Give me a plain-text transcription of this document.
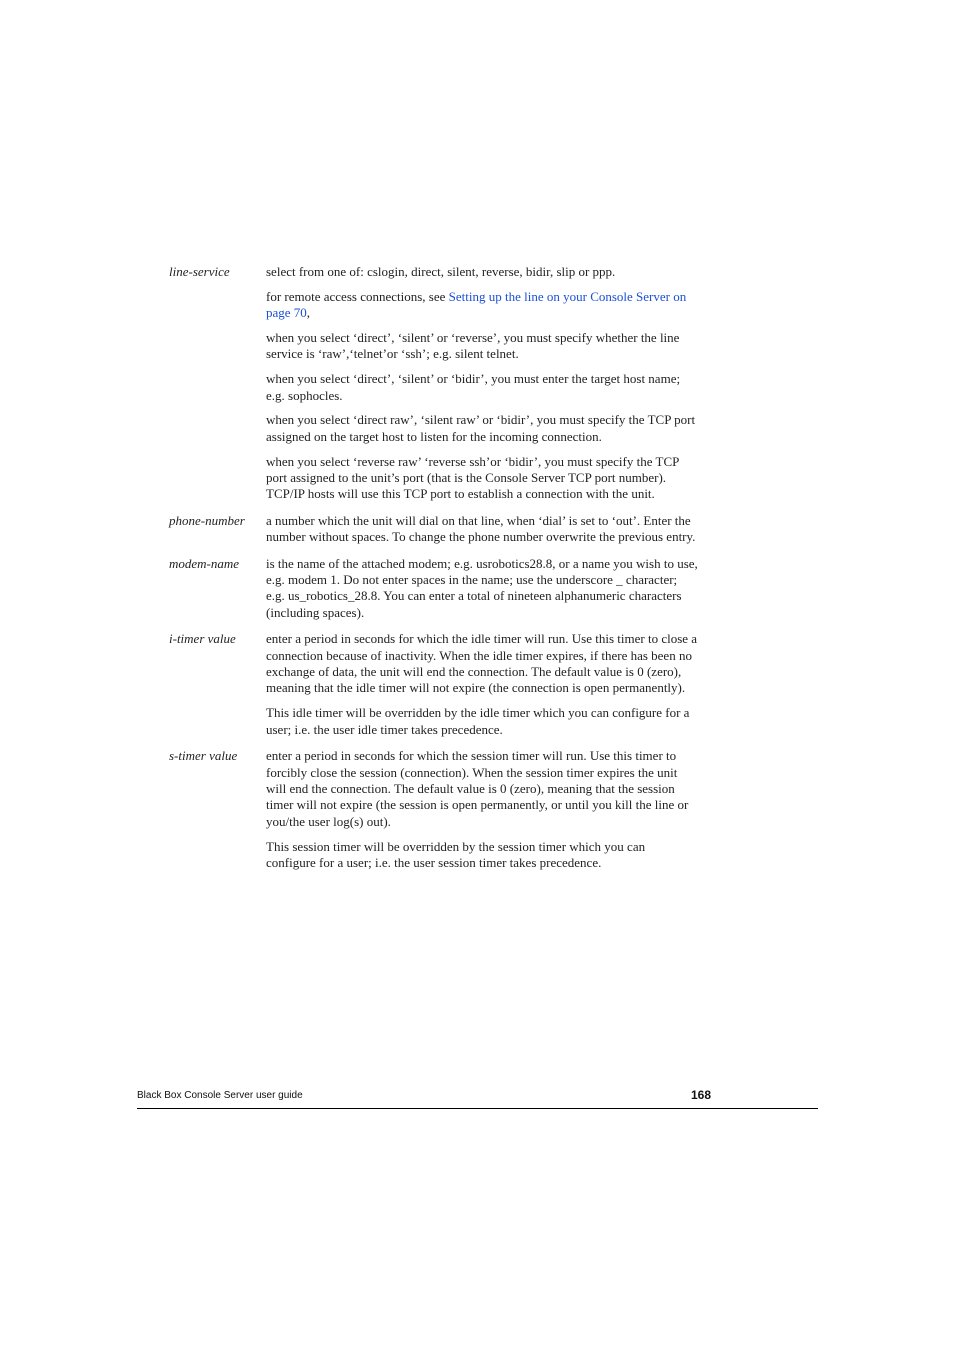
line-service	select from one of: cslogin, direct, silent, reverse, bidir, slip or ppp.

for remote access connections, see Setting up the line on your Console Server on page 70,

when you select ‘direct’, ‘silent’ or ‘reverse’, you must specify whether the line service is ‘raw’,‘telnet’or ‘ssh’; e.g. silent telnet.

when you select ‘direct’, ‘silent’ or ‘bidir’, you must enter the target host name; e.g. sophocles.

when you select ‘direct raw’, ‘silent raw’ or ‘bidir’, you must specify the TCP port assigned on the target host to listen for the incoming connection.

when you select ‘reverse raw’ ‘reverse ssh’or ‘bidir’, you must specify the TCP port assigned to the unit’s port (that is the Console Server TCP port number). TCP/IP hosts will use this TCP port to establish a connection with the unit.

phone-number a number which the unit will dial on that line, when ‘dial’ is set to ‘out’. Enter the number without spaces. To change the phone number overwrite the previous entry.

modem-name is the name of the attached modem; e.g. usrobotics28.8, or a name you wish to use, e.g. modem 1. Do not enter spaces in the name; use the underscore _ character; e.g. us_robotics_28.8. You can enter a total of nineteen alphanumeric characters (including spaces).

i-timer value enter a period in seconds for which the idle timer will run. Use this timer to close a connection because of inactivity. When the idle timer expires, if there has been no exchange of data, the unit will end the connection. The default value is 0 (zero), meaning that the idle timer will not expire (the connection is open permanently).

This idle timer will be overridden by the idle timer which you can configure for a user; i.e. the user idle timer takes precedence.

s-timer value enter a period in seconds for which the session timer will run. Use this timer to forcibly close the session (connection). When the session timer expires the unit will end the connection. The default value is 0 (zero), meaning that the session timer will not expire (the session is open permanently, or until you kill the line or you/the user log(s) out).

This session timer will be overridden by the session timer which you can configure for a user; i.e. the user session timer takes precedence.

Black Box Console Server user guide	168
